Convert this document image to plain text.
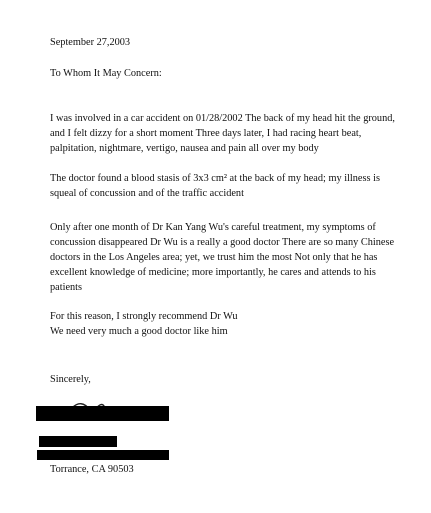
September 27,2003
To Whom It May Concern:
I was involved in a car accident on 01/28/2002 The back of my head hit the ground,
and I felt dizzy for a short moment Three days later, I had racing heart beat,
palpitation, nightmare, vertigo, nausea and pain all over my body
The doctor found a blood stasis of 3x3 cm² at the back of my head; my illness is
squeal of concussion and of the traffic accident
Only after one month of Dr Kan Yang Wu's careful treatment, my symptoms of
concussion disappeared Dr Wu is a really a good doctor There are so many Chinese
doctors in the Los Angeles area; yet, we trust him the most Not only that he has
excellent knowledge of medicine; more importantly, he cares and attends to his
patients
For this reason, I strongly recommend Dr Wu
We need very much a good doctor like him
Sincerely,
Torrance, CA 90503
